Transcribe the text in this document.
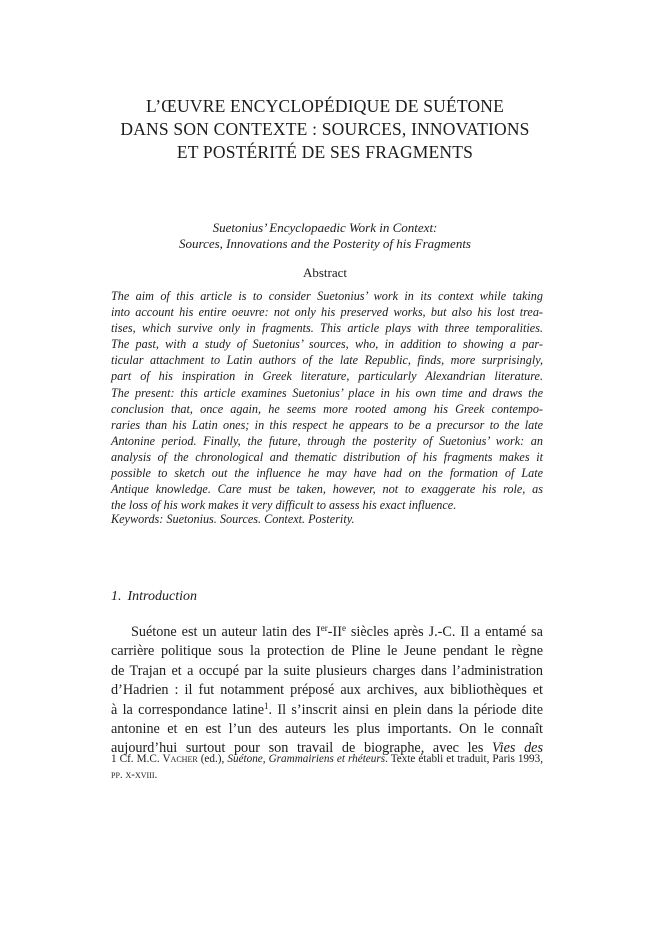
L’ŒUVRE ENCYCLOPÉDIQUE DE SUÉTONE
DANS SON CONTEXTE : SOURCES, INNOVATIONS
ET POSTÉRITÉ DE SES FRAGMENTS
Suetonius’ Encyclopaedic Work in Context:
Sources, Innovations and the Posterity of his Fragments
Abstract
The aim of this article is to consider Suetonius’ work in its context while taking
into account his entire oeuvre: not only his preserved works, but also his lost trea-
tises, which survive only in fragments. This article plays with three temporalities.
The past, with a study of Suetonius’ sources, who, in addition to showing a par-
ticular attachment to Latin authors of the late Republic, finds, more surprisingly,
part of his inspiration in Greek literature, particularly Alexandrian literature.
The present: this article examines Suetonius’ place in his own time and draws the
conclusion that, once again, he seems more rooted among his Greek contempo-
raries than his Latin ones; in this respect he appears to be a precursor to the late
Antonine period. Finally, the future, through the posterity of Suetonius’ work: an
analysis of the chronological and thematic distribution of his fragments makes it
possible to sketch out the influence he may have had on the formation of Late
Antique knowledge. Care must be taken, however, not to exaggerate his role, as
the loss of his work makes it very difficult to assess his exact influence.
Keywords: Suetonius. Sources. Context. Posterity.
1. Introduction
Suétone est un auteur latin des Ier-IIe siècles après J.-C. Il a entamé sa
carrière politique sous la protection de Pline le Jeune pendant le règne
de Trajan et a occupé par la suite plusieurs charges dans l’administration
d’Hadrien : il fut notamment préposé aux archives, aux bibliothèques et
à la correspondance latine$^1$. Il s’inscrit ainsi en plein dans la période dite
antonine et en est l’un des auteurs les plus importants. On le connaît
aujourd’hui surtout pour son travail de biographe, avec les Vies des
1 Cf. M.C. Vacher (ed.), Suétone, Grammairiens et rhéteurs. Texte établi et traduit, Paris 1993,
pp. x-xviii.
